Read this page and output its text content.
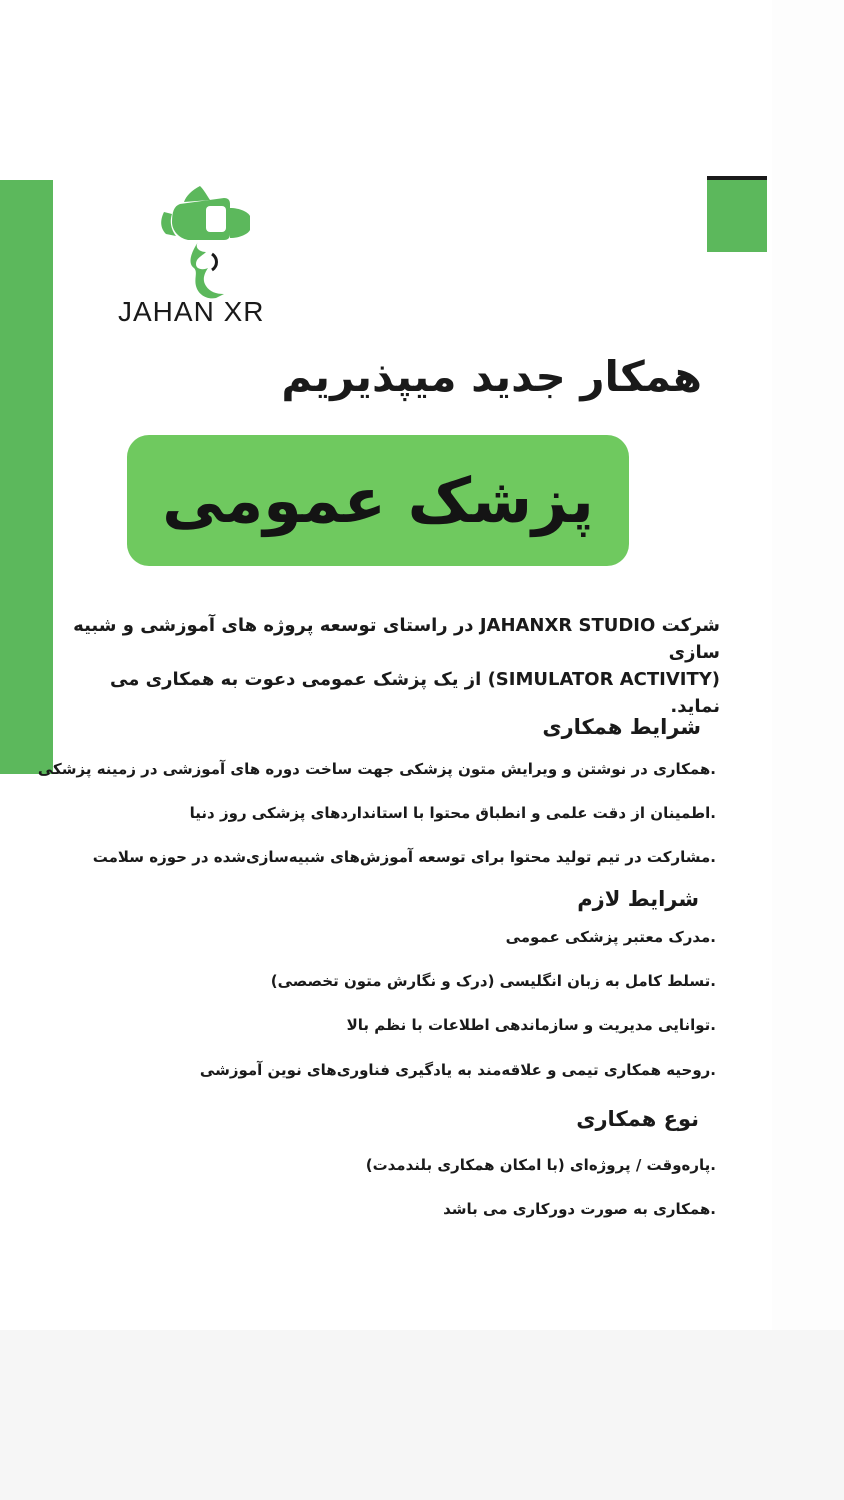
JAHAN XR
همکار جدید میپذیریم
پزشک عمومی
شرکت JAHANXR STUDIO در راستای توسعه پروژه های آموزشی و شبیه سازی
(SIMULATOR ACTIVITY) از یک پزشک عمومی دعوت به همکاری می نماید.
شرایط همکاری
.همکاری در نوشتن و ویرایش متون پزشکی جهت ساخت دوره های آموزشی در زمینه پزشکی
.اطمینان از دقت علمی و انطباق محتوا با استانداردهای پزشکی روز دنیا
.مشارکت در تیم تولید محتوا برای توسعه آموزش‌های شبیه‌سازی‌شده در حوزه سلامت
شرایط لازم
.مدرک معتبر پزشکی عمومی
.تسلط کامل به زبان انگلیسی (درک و نگارش متون تخصصی)
.توانایی مدیریت و سازماندهی اطلاعات با نظم بالا
.روحیه همکاری تیمی و علاقه‌مند به یادگیری فناوری‌های نوین آموزشی
نوع همکاری
.پاره‌وقت / پروژه‌ای (با امکان همکاری بلندمدت)
.همکاری به صورت دورکاری می باشد
